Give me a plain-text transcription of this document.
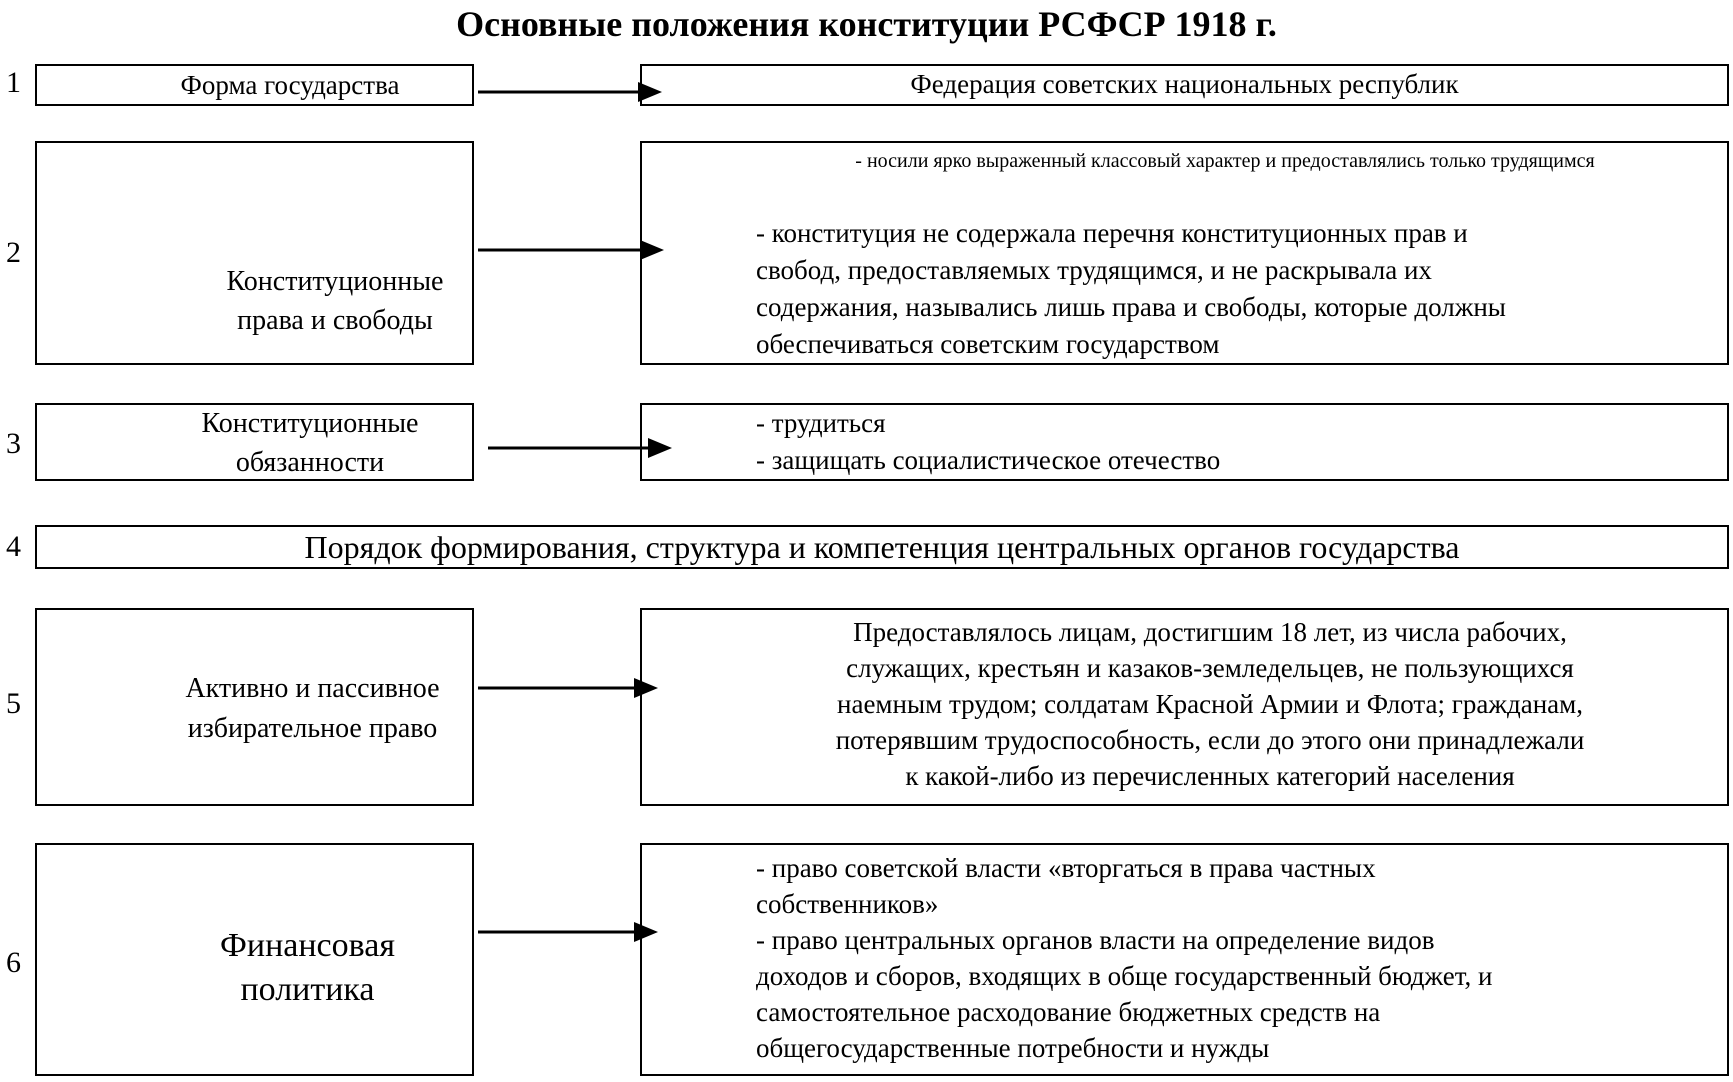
Основные положения конституции РСФСР 1918 г.
1
2
3
4
5
6
Форма государства	Федерация советских национальных республик
Конституционные
права и свободы
- носили ярко выраженный классовый характер и предоставлялись только трудящимся
- конституция не содержала перечня конституционных прав и
свобод, предоставляемых трудящимся, и не раскрывала их
содержания, назывались лишь права и свободы, которые должны
обеспечиваться советским государством
Конституционные
обязанности
- трудиться
- защищать социалистическое отечество
Порядок формирования, структура и компетенция центральных органов государства
Активно и пассивное
избирательное право
Предоставлялось лицам, достигшим 18 лет, из числа рабочих,
служащих, крестьян и казаков-земледельцев, не пользующихся
наемным трудом; солдатам Красной Армии и Флота; гражданам,
потерявшим трудоспособность, если до этого они принадлежали
к какой-либо из перечисленных категорий населения
Финансовая
политика
- право советской власти «вторгаться в права частных
собственников»
- право центральных органов власти на определение видов
доходов и сборов, входящих в обще государственный бюджет, и
самостоятельное расходование бюджетных средств на
общегосударственные потребности и нужды
